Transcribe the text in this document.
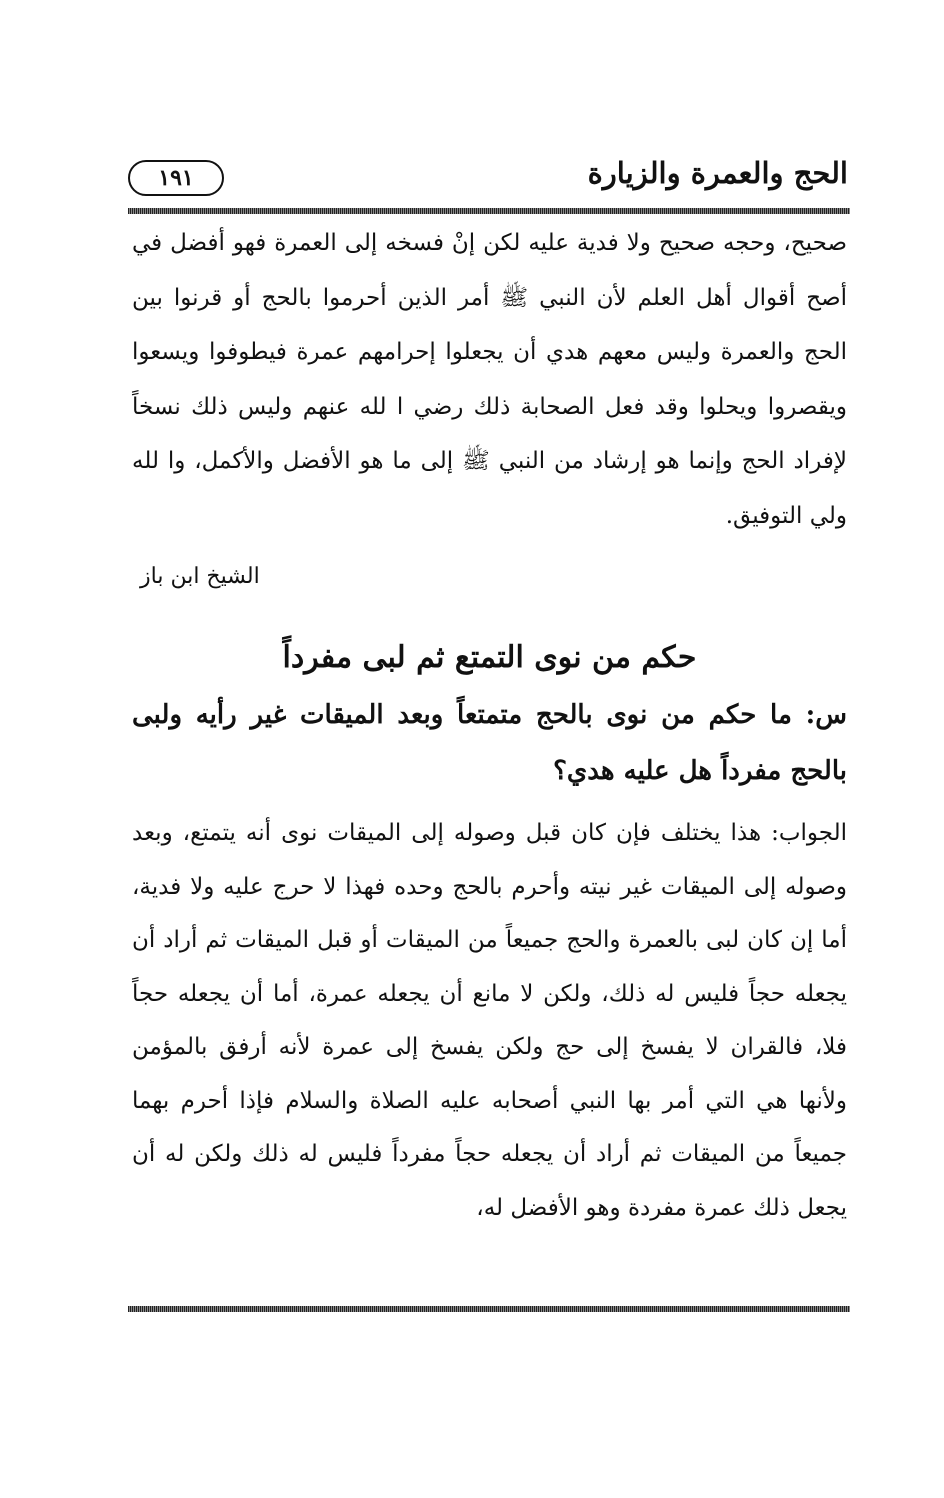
الحج والعمرة والزيارة
١٩١

صحيح، وحجه صحيح ولا فدية عليه لكن إنْ فسخه إلى العمرة فهو أفضل في أصح أقوال أهل العلم لأن النبي ﷺ أمر الذين أحرموا بالحج أو قرنوا بين الحج والعمرة وليس معهم هدي أن يجعلوا إحرامهم عمرة فيطوفوا ويسعوا ويقصروا ويحلوا وقد فعل الصحابة ذلك رضي ا لله عنهم وليس ذلك نسخاً لإفراد الحج وإنما هو إرشاد من النبي ﷺ إلى ما هو الأفضل والأكمل، وا لله ولي التوفيق.

الشيخ ابن باز

حكم من نوى التمتع ثم لبى مفرداً

س: ما حكم من نوى بالحج متمتعاً وبعد الميقات غير رأيه ولبى بالحج مفرداً هل عليه هدي؟

الجواب: هذا يختلف فإن كان قبل وصوله إلى الميقات نوى أنه يتمتع، وبعد وصوله إلى الميقات غير نيته وأحرم بالحج وحده فهذا لا حرج عليه ولا فدية، أما إن كان لبى بالعمرة والحج جميعاً من الميقات أو قبل الميقات ثم أراد أن يجعله حجاً فليس له ذلك، ولكن لا مانع أن يجعله عمرة، أما أن يجعله حجاً فلا، فالقران لا يفسخ إلى حج ولكن يفسخ إلى عمرة لأنه أرفق بالمؤمن ولأنها هي التي أمر بها النبي أصحابه عليه الصلاة والسلام فإذا أحرم بهما جميعاً من الميقات ثم أراد أن يجعله حجاً مفرداً فليس له ذلك ولكن له أن يجعل ذلك عمرة مفردة وهو الأفضل له،
